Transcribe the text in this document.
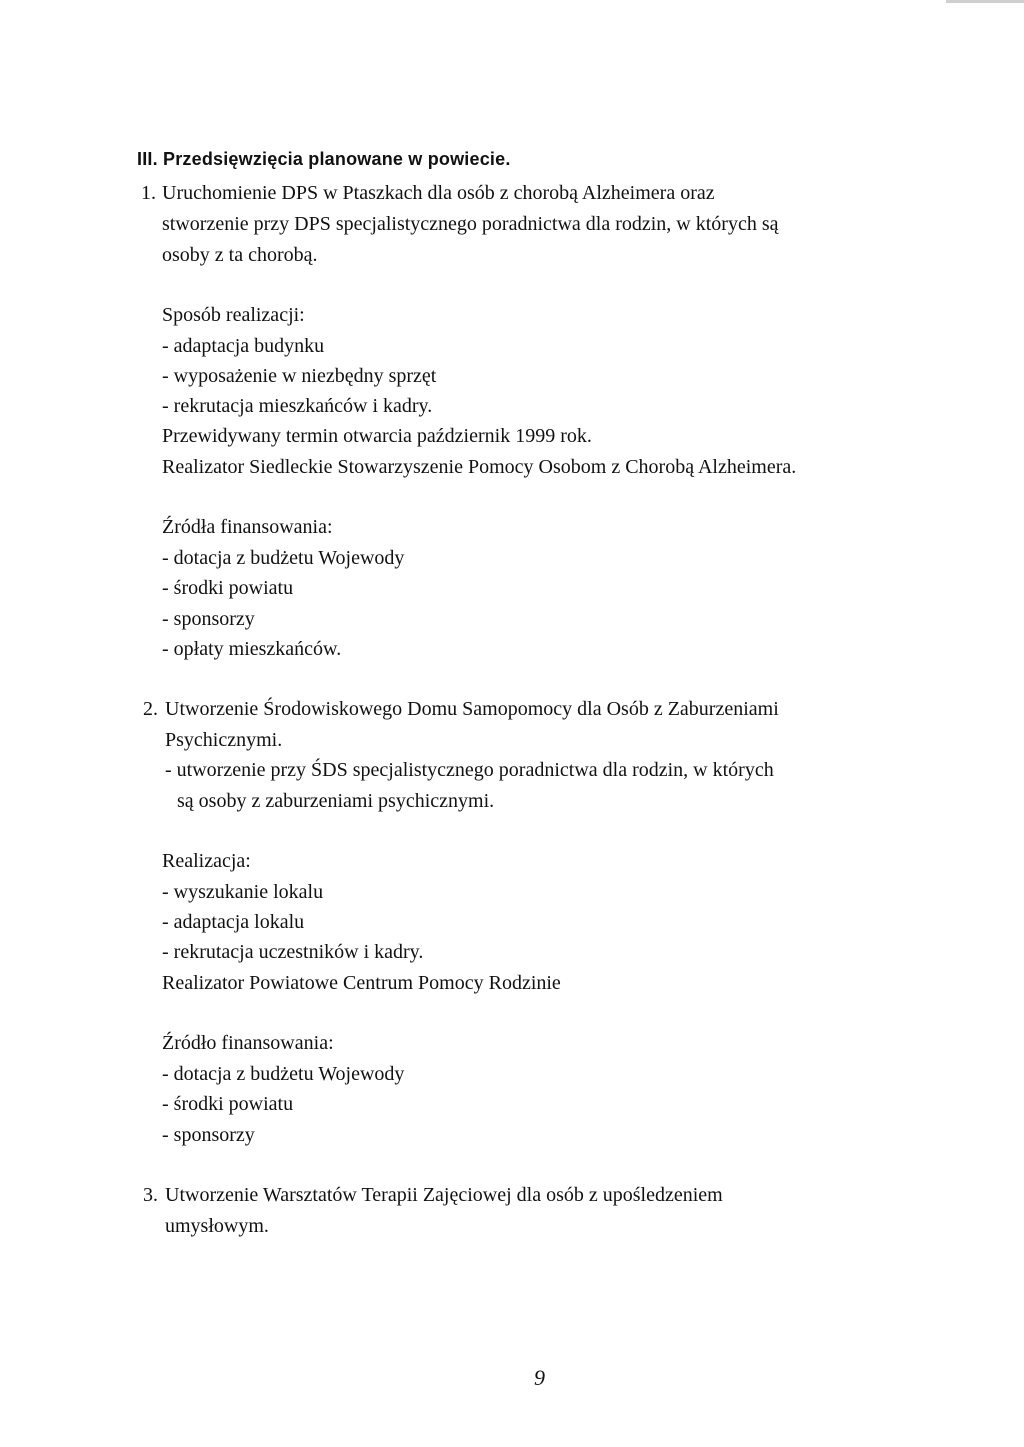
III. Przedsięwzięcia planowane w powiecie.

1. Uruchomienie DPS w Ptaszkach dla osób z chorobą Alzheimera oraz

stworzenie przy DPS specjalistycznego poradnictwa dla rodzin, w których są

osoby z ta chorobą.

Sposób realizacji:

- adaptacja budynku

- wyposażenie w niezbędny sprzęt

- rekrutacja mieszkańców i kadry.

Przewidywany termin otwarcia październik 1999 rok.

Realizator Siedleckie Stowarzyszenie Pomocy Osobom z Chorobą Alzheimera.

Źródła finansowania:

- dotacja z budżetu Wojewody

- środki powiatu

- sponsorzy

- opłaty mieszkańców.

2. Utworzenie Środowiskowego Domu Samopomocy dla Osób z Zaburzeniami

Psychicznymi.

- utworzenie przy ŚDS specjalistycznego poradnictwa dla rodzin, w których

są osoby z zaburzeniami psychicznymi.

Realizacja:

- wyszukanie lokalu

- adaptacja lokalu

- rekrutacja uczestników i kadry.

Realizator Powiatowe Centrum Pomocy Rodzinie

Źródło finansowania:

- dotacja z budżetu Wojewody

- środki powiatu

- sponsorzy

3. Utworzenie Warsztatów Terapii Zajęciowej dla osób z upośledzeniem

umysłowym.

9
